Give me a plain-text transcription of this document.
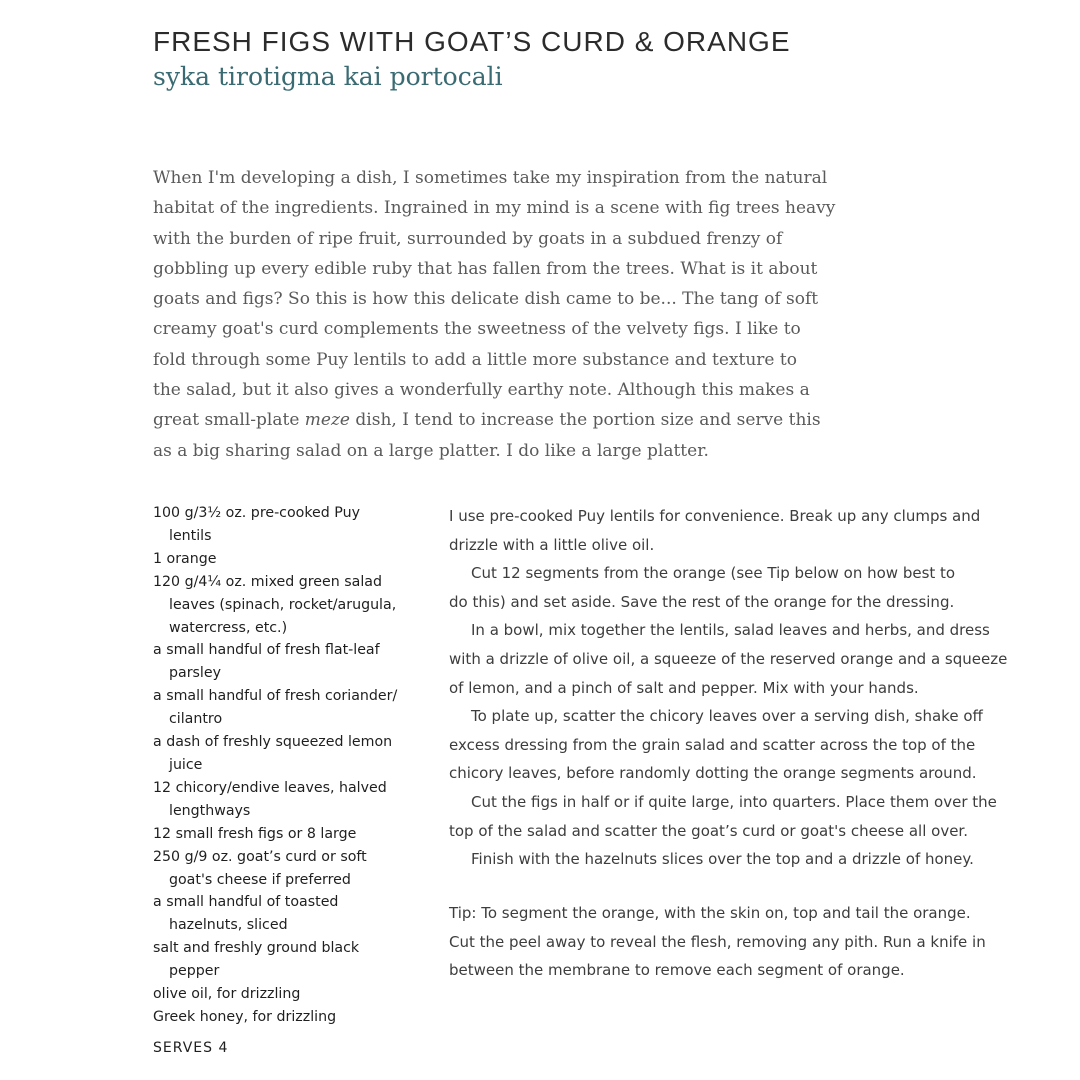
FRESH FIGS WITH GOAT’S CURD & ORANGE
syka tirotigma kai portocali
When I'm developing a dish, I sometimes take my inspiration from the natural
habitat of the ingredients. Ingrained in my mind is a scene with fig trees heavy
with the burden of ripe fruit, surrounded by goats in a subdued frenzy of
gobbling up every edible ruby that has fallen from the trees. What is it about
goats and figs? So this is how this delicate dish came to be... The tang of soft
creamy goat's curd complements the sweetness of the velvety figs. I like to
fold through some Puy lentils to add a little more substance and texture to
the salad, but it also gives a wonderfully earthy note. Although this makes a
great small-plate meze dish, I tend to increase the portion size and serve this
as a big sharing salad on a large platter. I do like a large platter.
100 g/3½ oz. pre-cooked Puy
lentils
1 orange
120 g/4¼ oz. mixed green salad
leaves (spinach, rocket/arugula,
watercress, etc.)
a small handful of fresh flat-leaf
parsley
a small handful of fresh coriander/
cilantro
a dash of freshly squeezed lemon
juice
12 chicory/endive leaves, halved
lengthways
12 small fresh figs or 8 large
250 g/9 oz. goat’s curd or soft
goat's cheese if preferred
a small handful of toasted
hazelnuts, sliced
salt and freshly ground black
pepper
olive oil, for drizzling
Greek honey, for drizzling
SERVES 4
I use pre-cooked Puy lentils for convenience. Break up any clumps and
drizzle with a little olive oil.
Cut 12 segments from the orange (see Tip below on how best to
do this) and set aside. Save the rest of the orange for the dressing.
In a bowl, mix together the lentils, salad leaves and herbs, and dress
with a drizzle of olive oil, a squeeze of the reserved orange and a squeeze
of lemon, and a pinch of salt and pepper. Mix with your hands.
To plate up, scatter the chicory leaves over a serving dish, shake off
excess dressing from the grain salad and scatter across the top of the
chicory leaves, before randomly dotting the orange segments around.
Cut the figs in half or if quite large, into quarters. Place them over the
top of the salad and scatter the goat’s curd or goat's cheese all over.
Finish with the hazelnuts slices over the top and a drizzle of honey.
Tip: To segment the orange, with the skin on, top and tail the orange.
Cut the peel away to reveal the flesh, removing any pith. Run a knife in
between the membrane to remove each segment of orange.
